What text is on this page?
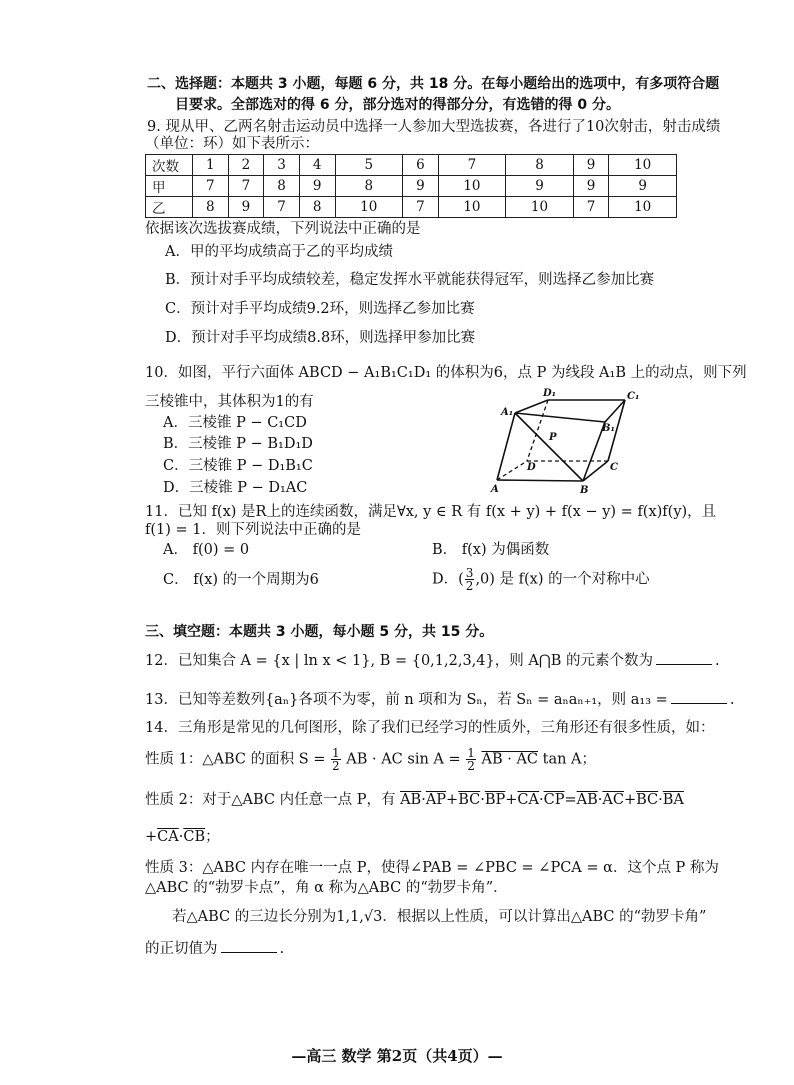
二、选择题：本题共 3 小题，每题 6 分，共 18 分。在每小题给出的选项中，有多项符合题
目要求。全部选对的得 6 分，部分选对的得部分分，有选错的得 0 分。
9. 现从甲、乙两名射击运动员中选择一人参加大型选拔赛，各进行了10次射击，射击成绩
（单位：环）如下表所示：
次数	1	2	3	4	5	6	7	8	9	10
甲	7	7	8	9	8	9	10	9	9	9
乙	8	9	7	8	10	7	10	10	7	10
依据该次选拔赛成绩，下列说法中正确的是
A．甲的平均成绩高于乙的平均成绩
B．预计对手平均成绩较差，稳定发挥水平就能获得冠军，则选择乙参加比赛
C．预计对手平均成绩9.2环，则选择乙参加比赛
D．预计对手平均成绩8.8环，则选择甲参加比赛
10．如图，平行六面体 ABCD − A₁B₁C₁D₁ 的体积为6，点 P 为线段 A₁B 上的动点，则下列
三棱锥中，其体积为1的有
A．三棱锥 P − C₁CD
B．三棱锥 P − B₁D₁D
C．三棱锥 P − D₁B₁C
D．三棱锥 P − D₁AC
A₁
D₁	C₁
B₁
P
D	C
A	B
11．已知 f(x) 是R上的连续函数，满足∀x, y ∈ R 有 f(x + y) + f(x − y) = f(x)f(y)，且
f(1) = 1．则下列说法中正确的是
A． f(0) = 0	B． f(x) 为偶函数
C． f(x) 的一个周期为6	D．( $\frac{3}{2} ,0$) 是 f(x) 的一个对称中心
三、填空题：本题共 3 小题，每小题 5 分，共 15 分。
12．已知集合 A = {x | ln x < 1}, B = {0,1,2,3,4}，则 A⋂B 的元素个数为	.
13．已知等差数列{aₙ}各项不为零，前 n 项和为 Sₙ，若 Sₙ = aₙaₙ₊₁，则 a₁₃ =	.
14．三角形是常见的几何图形，除了我们已经学习的性质外，三角形还有很多性质，如：
性质 1：△ABC 的面积 $S = \frac{1}{2}$ AB · AC $\sin A = \frac{1}{2}$ AB · AC tan A；
性质 2：对于△ABC 内任意一点 P，有 $\overline{AB}\cdot\overline{AP}+\overline{BC}\cdot\overline{BP}+\overline{CA}\cdot\overline{CP}=\overline{AB}\cdot\overline{AC}+\overline{BC}\cdot\overline{BA}$
$+\overline{CA}\cdot\overline{CB}$；
性质 3：△ABC 内存在唯一一点 P，使得∠PAB = ∠PBC = ∠PCA = α．这个点 P 称为
△ABC 的“勃罗卡点”，角 α 称为△ABC 的“勃罗卡角”．
若△ABC 的三边长分别为1,1,√3．根据以上性质，可以计算出△ABC 的“勃罗卡角”
的正切值为	.
—高三 数学 第2页（共4页）—
